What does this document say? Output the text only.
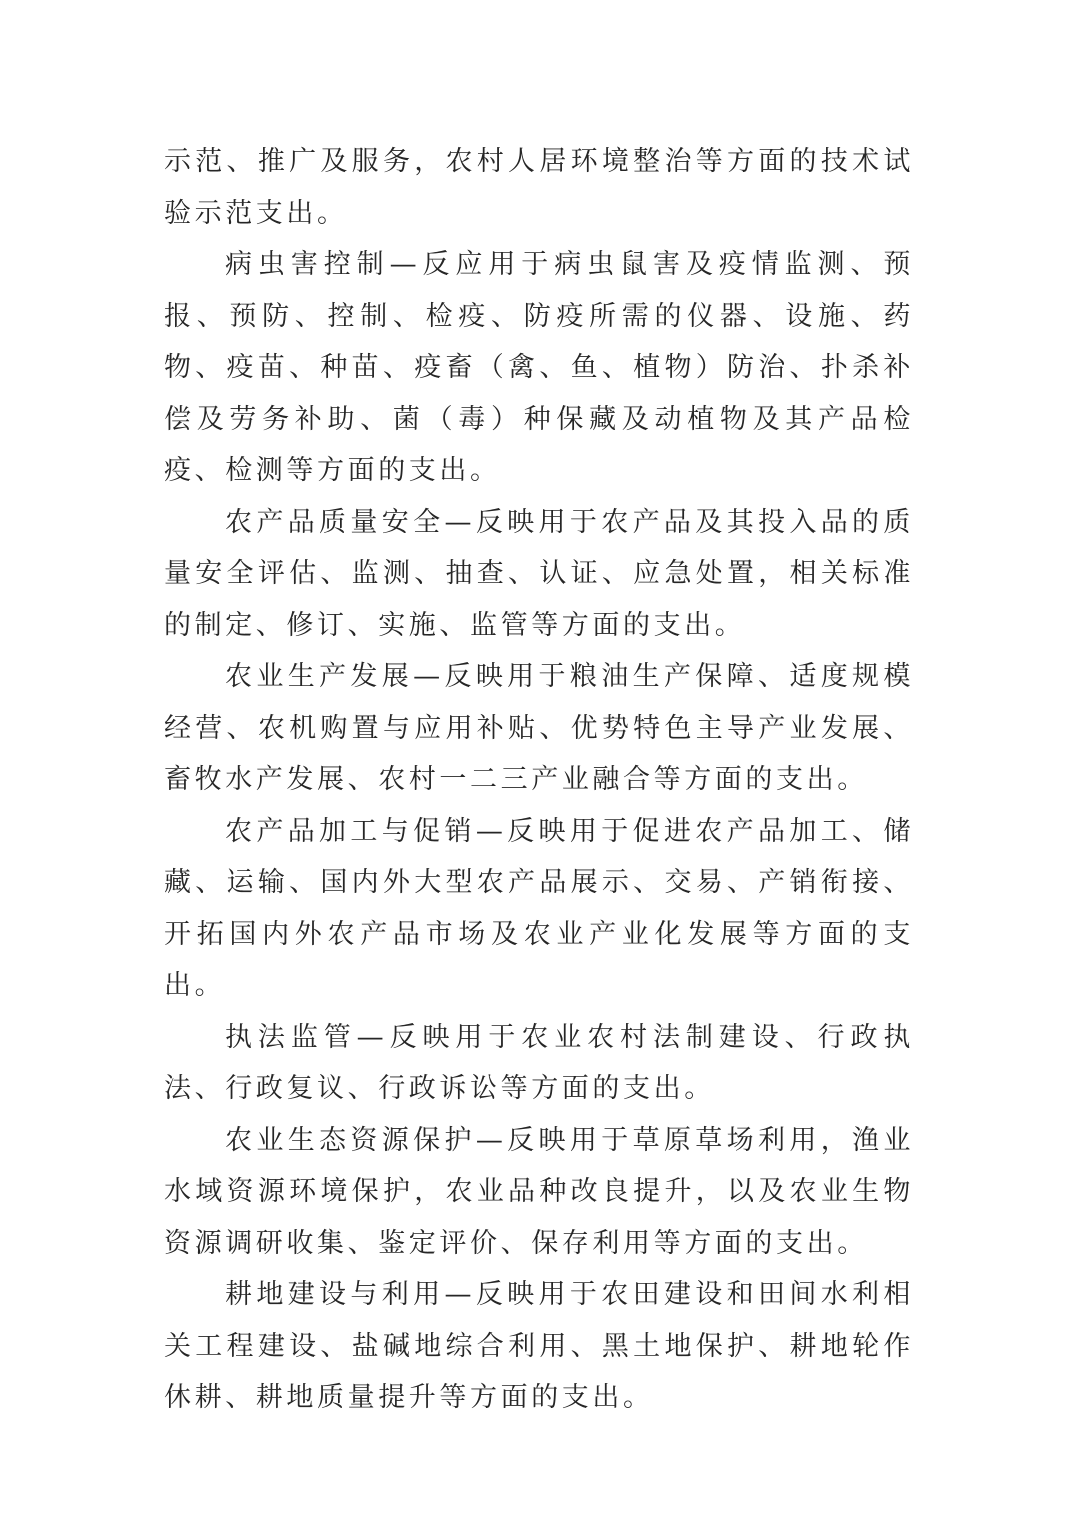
示范、推广及服务，农村人居环境整治等方面的技术试验示范支出。

病虫害控制—反应用于病虫鼠害及疫情监测、预报、预防、控制、检疫、防疫所需的仪器、设施、药物、疫苗、种苗、疫畜（禽、鱼、植物）防治、扑杀补偿及劳务补助、菌（毒）种保藏及动植物及其产品检疫、检测等方面的支出。

农产品质量安全—反映用于农产品及其投入品的质量安全评估、监测、抽查、认证、应急处置，相关标准的制定、修订、实施、监管等方面的支出。

农业生产发展—反映用于粮油生产保障、适度规模经营、农机购置与应用补贴、优势特色主导产业发展、畜牧水产发展、农村一二三产业融合等方面的支出。

农产品加工与促销—反映用于促进农产品加工、储藏、运输、国内外大型农产品展示、交易、产销衔接、开拓国内外农产品市场及农业产业化发展等方面的支出。

执法监管—反映用于农业农村法制建设、行政执法、行政复议、行政诉讼等方面的支出。

农业生态资源保护—反映用于草原草场利用，渔业水域资源环境保护，农业品种改良提升，以及农业生物资源调研收集、鉴定评价、保存利用等方面的支出。

耕地建设与利用—反映用于农田建设和田间水利相关工程建设、盐碱地综合利用、黑土地保护、耕地轮作休耕、耕地质量提升等方面的支出。
